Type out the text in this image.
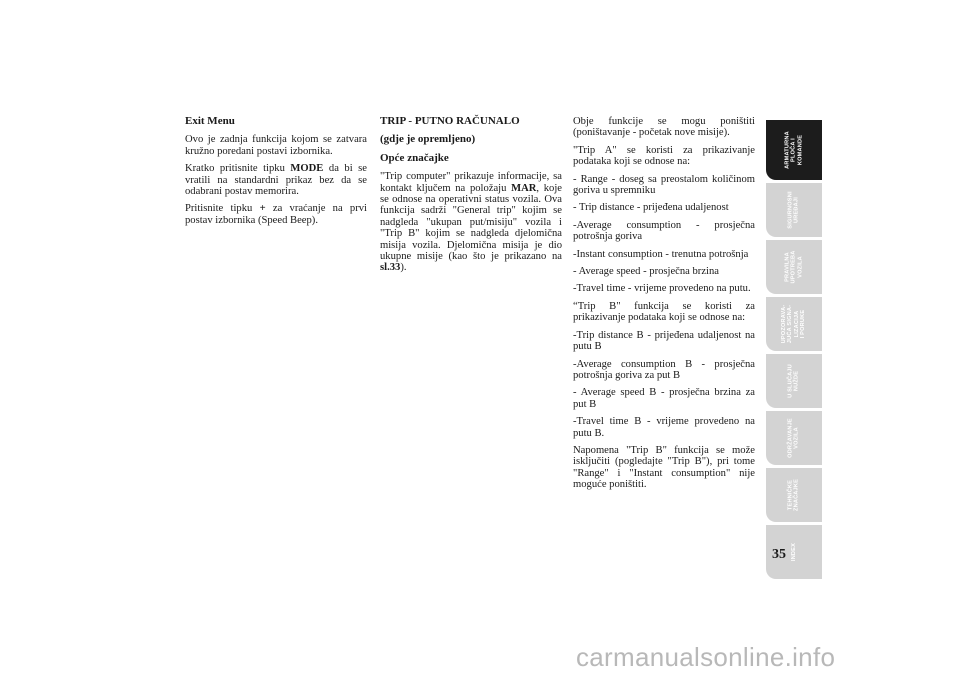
Exit Menu

Ovo je zadnja funkcija kojom se zatvara kružno poredani postavi izbornika.

Kratko pritisnite tipku MODE da bi se vratili na standardni prikaz bez da se odabrani postav memorira.

Pritisnite tipku + za vraćanje na prvi postav izbornika (Speed Beep).

TRIP - PUTNO RAČUNALO

(gdje je opremljeno)

Opće značajke

"Trip computer" prikazuje informacije, sa kontakt ključem na položaju MAR, koje se odnose na operativni status vozila. Ova funkcija sadrži "General trip" kojim se nadgleda "ukupan put/misiju" vozila i "Trip B" kojim se nadgleda djelomična misija vozila. Djelomična misija je dio ukupne misije (kao što je prikazano na sl.33).

Obje funkcije se mogu poništiti (poništavanje - početak nove misije).

"Trip A" se koristi za prikazivanje podataka koji se odnose na:

- Range - doseg sa preostalom količinom goriva u spremniku

- Trip distance - prijeđena udaljenost

-Average consumption - prosječna potrošnja goriva

-Instant consumption - trenutna potrošnja

- Average speed - prosječna brzina

-Travel time - vrijeme provedeno na putu.

“Trip B" funkcija se koristi za prikazivanje podataka koji se odnose na:

-Trip distance B - prijeđena udaljenost na putu B

-Average consumption B - prosječna potrošnja goriva za put B

- Average speed B - prosječna brzina za put B

-Travel time B - vrijeme provedeno na putu B.

Napomena "Trip B" funkcija se može isključiti (pogledajte "Trip B"), pri tome "Range" i "Instant consumption" nije moguće poništiti.

ARMATURNA
PLOČA I
KOMANDE
SIGURNOSNI
UREĐAJI
PRAVILNA
UPOTREBA
VOZILA
UPOZORAVA-
JUĆA SIGNA-
LIZACIJA
I PORUKE
U SLUČAJU
NUŽDE
ODRŽAVANJE
VOZILA
TEHNIČKE
ZNAČAJKE
INDEX
35
carmanualsonline.info
